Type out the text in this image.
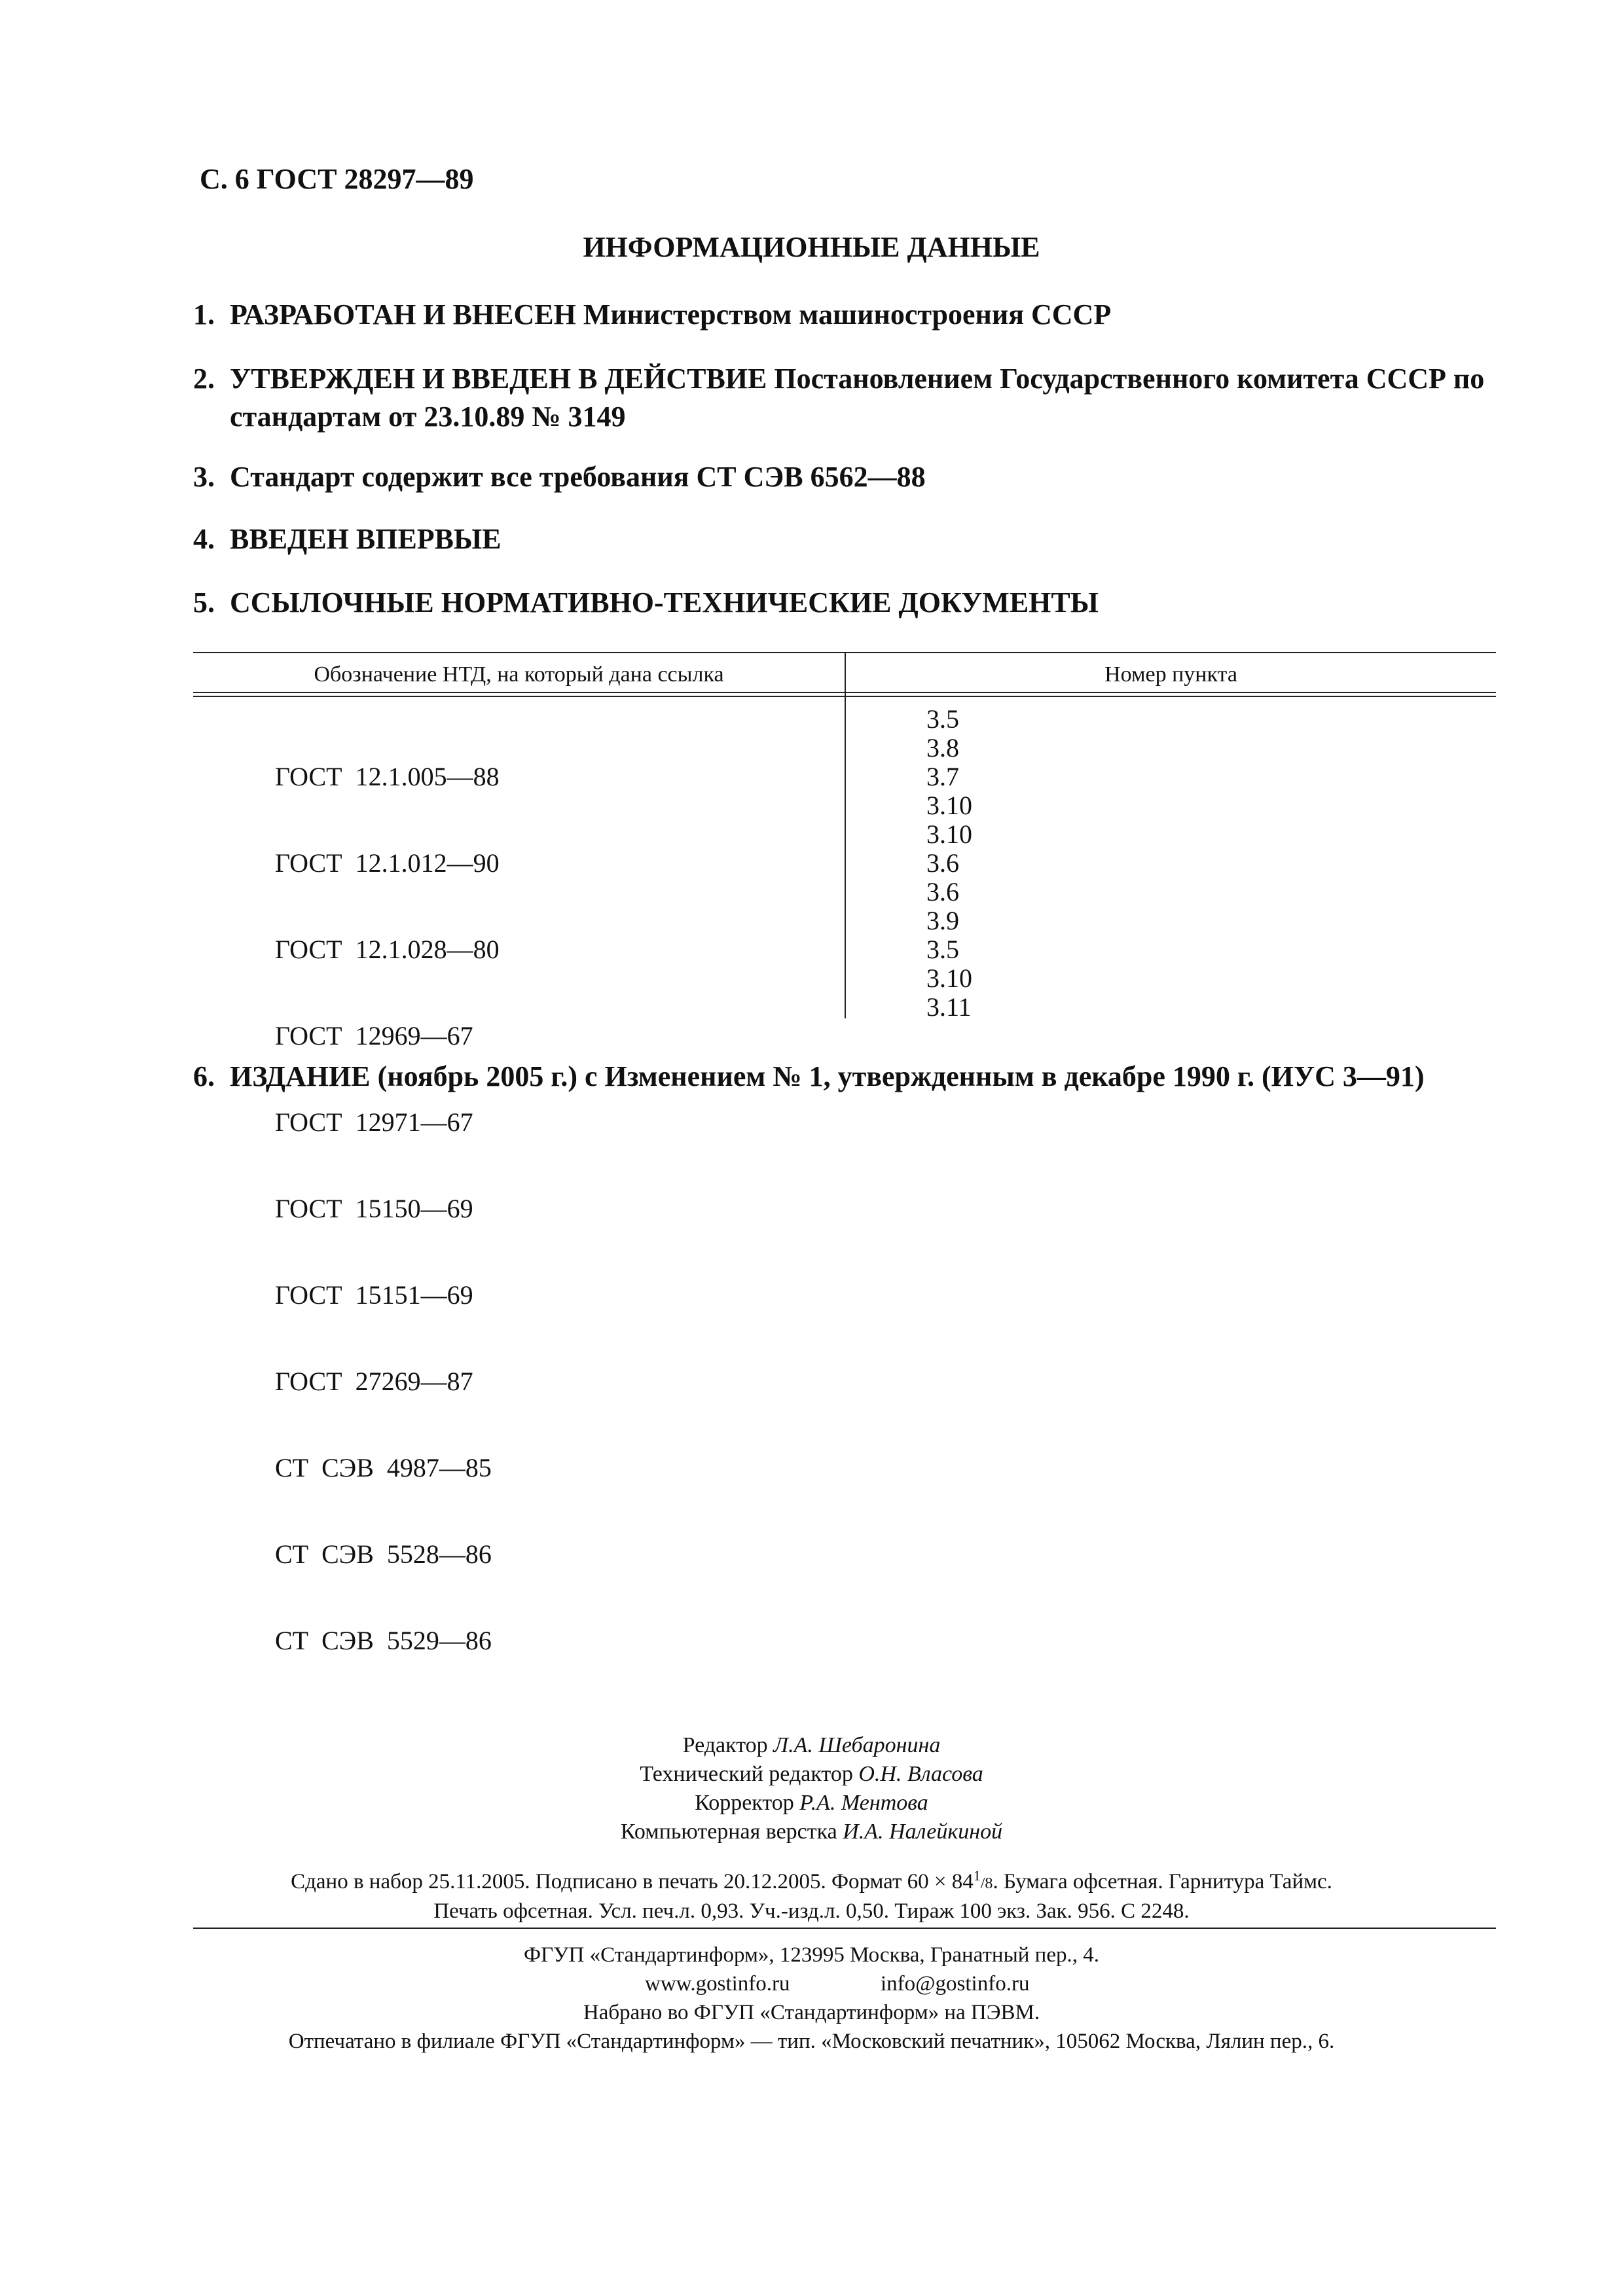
С. 6 ГОСТ 28297—89
ИНФОРМАЦИОННЫЕ ДАННЫЕ
1. РАЗРАБОТАН И ВНЕСЕН Министерством машиностроения СССР
2. УТВЕРЖДЕН И ВВЕДЕН В ДЕЙСТВИЕ Постановлением Государственного комитета СССР по стандартам от 23.10.89 № 3149
3. Стандарт содержит все требования СТ СЭВ 6562—88
4. ВВЕДЕН ВПЕРВЫЕ
5. ССЫЛОЧНЫЕ НОРМАТИВНО-ТЕХНИЧЕСКИЕ ДОКУМЕНТЫ
Обозначение НТД, на который дана ссылка	Номер пункта

ГОСТ  12.1.005—88

ГОСТ  12.1.012—90

ГОСТ  12.1.028—80

ГОСТ  12969—67

ГОСТ  12971—67

ГОСТ  15150—69

ГОСТ  15151—69

ГОСТ  27269—87

СТ  СЭВ  4987—85

СТ  СЭВ  5528—86

СТ  СЭВ  5529—86

3.5
3.8
3.7
3.10
3.10
3.6
3.6
3.9
3.5
3.10
3.11
6. ИЗДАНИЕ (ноябрь 2005 г.) с Изменением № 1, утвержденным в декабре 1990 г. (ИУС 3—91)
Редактор Л.А. Шебаронина
Технический редактор О.Н. Власова
Корректор Р.А. Ментова
Компьютерная верстка И.А. Налейкиной
Сдано в набор 25.11.2005. Подписано в печать 20.12.2005. Формат $60 \times 84^1/8$. Бумага офсетная. Гарнитура Таймс.
Печать офсетная. Усл. печ.л. 0,93. Уч.-изд.л. 0,50. Тираж 100 экз. Зак. 956. С 2248.
ФГУП «Стандартинформ», 123995 Москва, Гранатный пер., 4.
www.gostinfo.ru	info@gostinfo.ru
Набрано во ФГУП «Стандартинформ» на ПЭВМ.
Отпечатано в филиале ФГУП «Стандартинформ» — тип. «Московский печатник», 105062 Москва, Лялин пер., 6.
